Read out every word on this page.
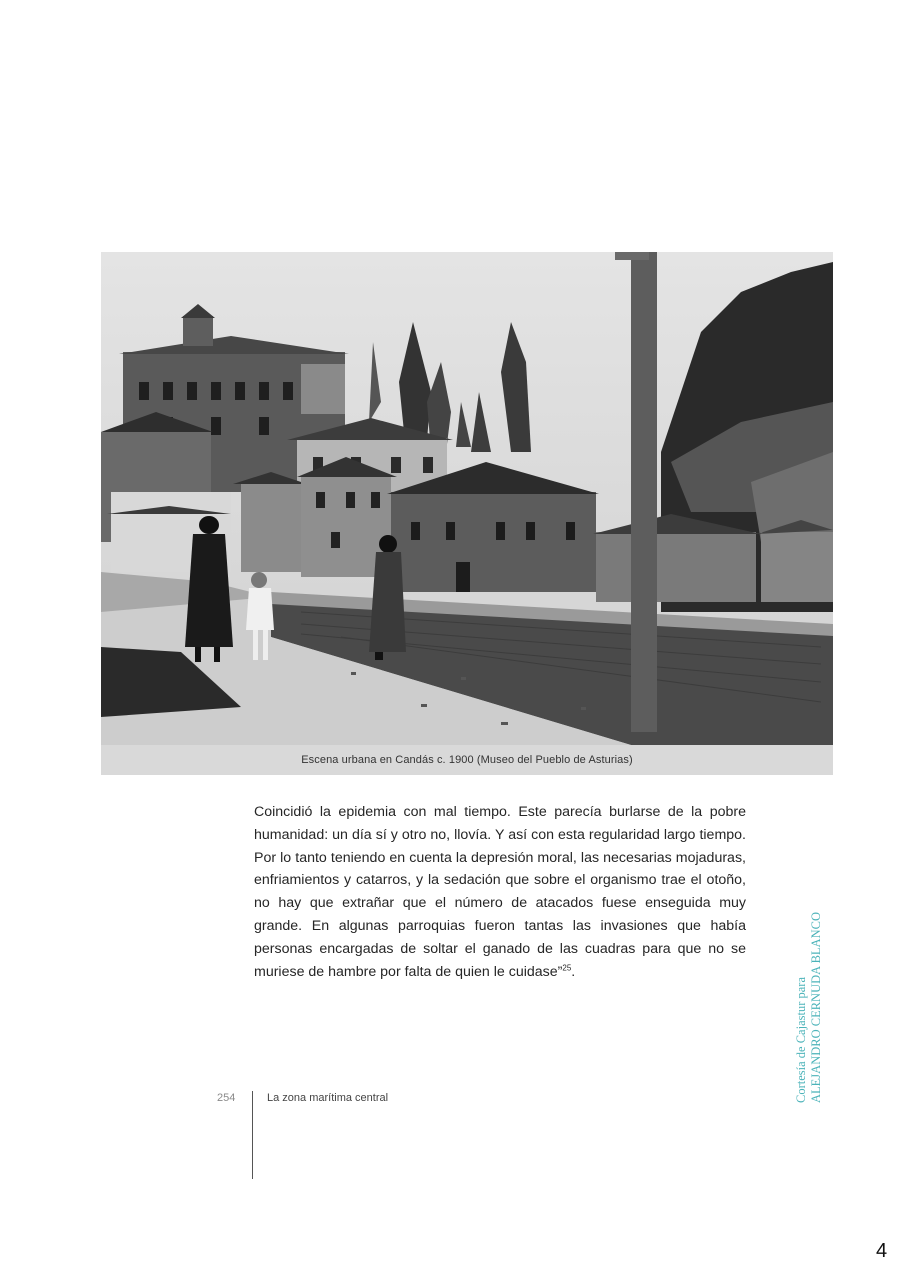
Escena urbana en Candás c. 1900 (Museo del Pueblo de Asturias)

Coincidió la epidemia con mal tiempo. Este parecía burlarse de la pobre humanidad: un día sí y otro no, llovía. Y así con esta regularidad largo tiempo. Por lo tanto teniendo en cuenta la depresión moral, las necesarias mojaduras, enfriamientos y catarros, y la sedación que sobre el organismo trae el otoño, no hay que extrañar que el número de atacados fuese enseguida muy grande. En algunas parroquias fueron tantas las invasiones que había personas encargadas de soltar el ganado de las cuadras para que no se muriese de hambre por falta de quien le cuidase”$^{25}$.

254	La zona marítima central	Cortesía de Cajastur para ALEJANDRO CERNUDA BLANCO
4
